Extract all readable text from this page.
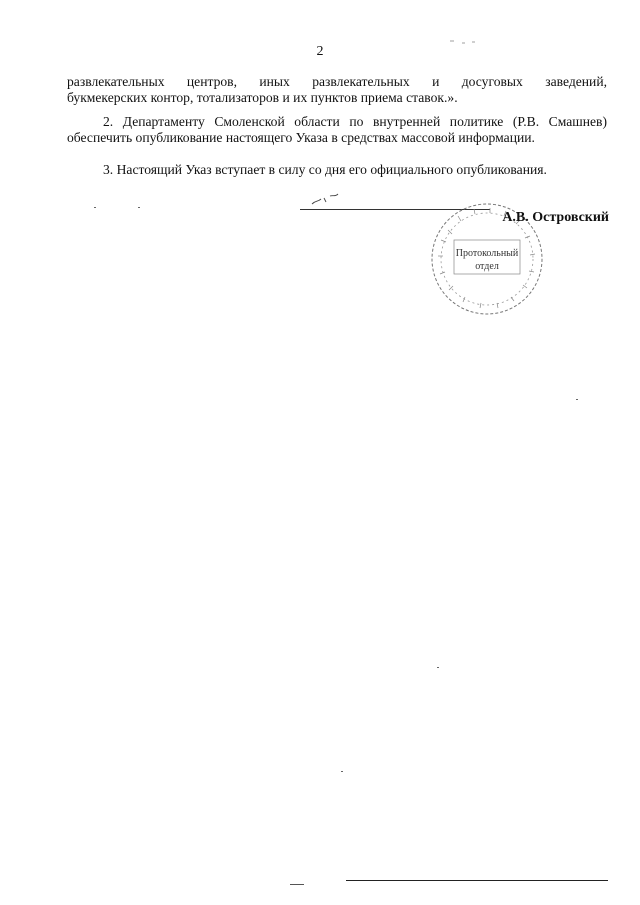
2

развлекательных центров, иных развлекательных и досуговых заведений,
букмекерских контор, тотализаторов и их пунктов приема ставок.».

2. Департаменту Смоленской области по внутренней политике (Р.В. Смашнев) обеспечить опубликование настоящего Указа в средствах массовой информации.

3. Настоящий Указ вступает в силу со дня его официального опубликования.

Протокольный
отдел
А.В. Островский
